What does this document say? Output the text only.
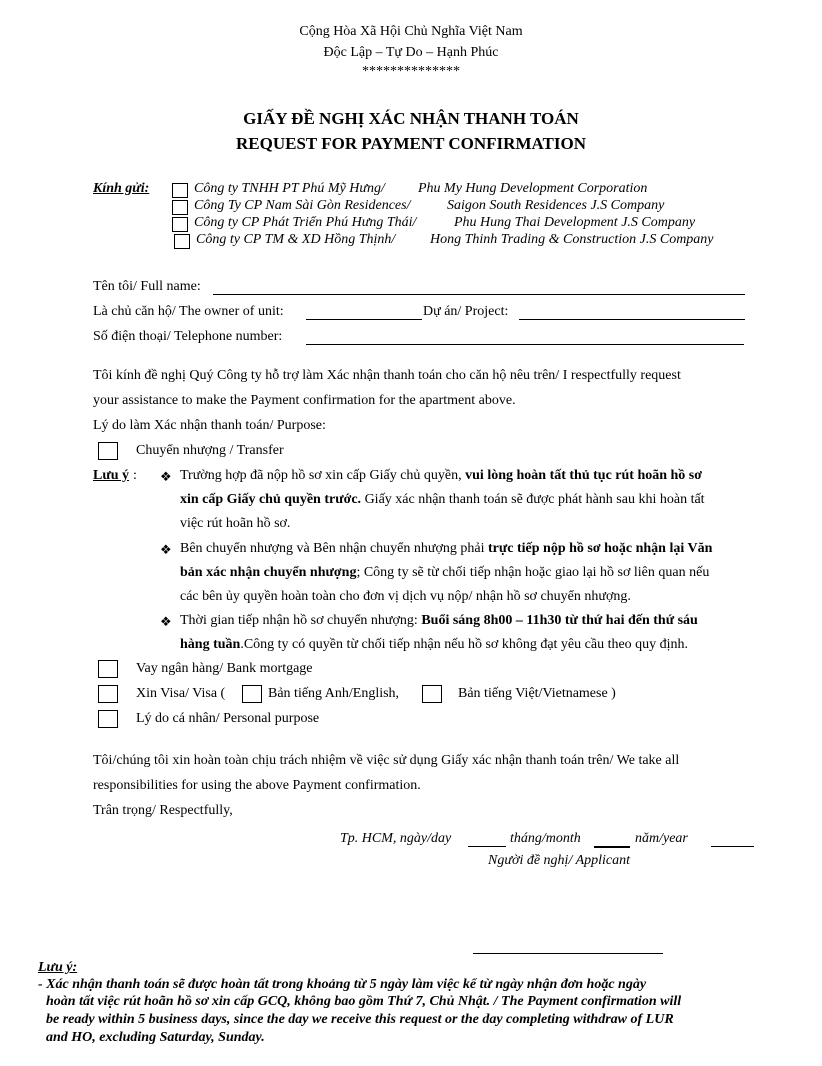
Cộng Hòa Xã Hội Chủ Nghĩa Việt Nam
Độc Lập – Tự Do – Hạnh Phúc
**************
GIẤY ĐỀ NGHỊ XÁC NHẬN THANH TOÁN
REQUEST FOR PAYMENT CONFIRMATION
Kính gửi:	Công ty TNHH PT Phú Mỹ Hưng/ Phu My Hung Development Corporation
Công Ty CP Nam Sài Gòn Residences/	Saigon South Residences J.S Company
Công ty CP Phát Triển Phú Hưng Thái/	Phu Hung Thai Development J.S Company
Công ty CP TM & XD Hồng Thịnh/ Hong Thinh Trading & Construction J.S Company
Tên tôi/ Full name:
Là chủ căn hộ/ The owner of unit:	Dự án/ Project:
Số điện thoại/ Telephone number:
Tôi kính đề nghị Quý Công ty hỗ trợ làm Xác nhận thanh toán cho căn hộ nêu trên/ I respectfully request
your assistance to make the Payment confirmation for the apartment above.
Lý do làm Xác nhận thanh toán/ Purpose:
Chuyển nhượng / Transfer
Lưu ý : ❖ Trường hợp đã nộp hồ sơ xin cấp Giấy chủ quyền, vui lòng hoàn tất thủ tục rút hoãn hồ sơ
xin cấp Giấy chủ quyền trước. Giấy xác nhận thanh toán sẽ được phát hành sau khi hoàn tất
việc rút hoãn hồ sơ.
❖ Bên chuyển nhượng và Bên nhận chuyển nhượng phải trực tiếp nộp hồ sơ hoặc nhận lại Văn
bản xác nhận chuyển nhượng; Công ty sẽ từ chối tiếp nhận hoặc giao lại hồ sơ liên quan nếu
các bên ủy quyền hoàn toàn cho đơn vị dịch vụ nộp/ nhận hồ sơ chuyển nhượng.
❖ Thời gian tiếp nhận hồ sơ chuyển nhượng: Buổi sáng 8h00 – 11h30 từ thứ hai đến thứ sáu
hàng tuần.Công ty có quyền từ chối tiếp nhận nếu hồ sơ không đạt yêu cầu theo quy định.
Vay ngân hàng/ Bank mortgage
Xin Visa/ Visa (	Bản tiếng Anh/English,	Bản tiếng Việt/Vietnamese )
Lý do cá nhân/ Personal purpose
Tôi/chúng tôi xin hoàn toàn chịu trách nhiệm về việc sử dụng Giấy xác nhận thanh toán trên/ We take all
responsibilities for using the above Payment confirmation.
Trân trọng/ Respectfully,
Tp. HCM, ngày/day	tháng/month	năm/year
Người đề nghị/ Applicant
Lưu ý:
- Xác nhận thanh toán sẽ được hoàn tất trong khoảng từ 5 ngày làm việc kể từ ngày nhận đơn hoặc ngày
hoàn tất việc rút hoãn hồ sơ xin cấp GCQ, không bao gồm Thứ 7, Chủ Nhật. / The Payment confirmation will
be ready within 5 business days, since the day we receive this request or the day completing withdraw of LUR
and HO, excluding Saturday, Sunday.
